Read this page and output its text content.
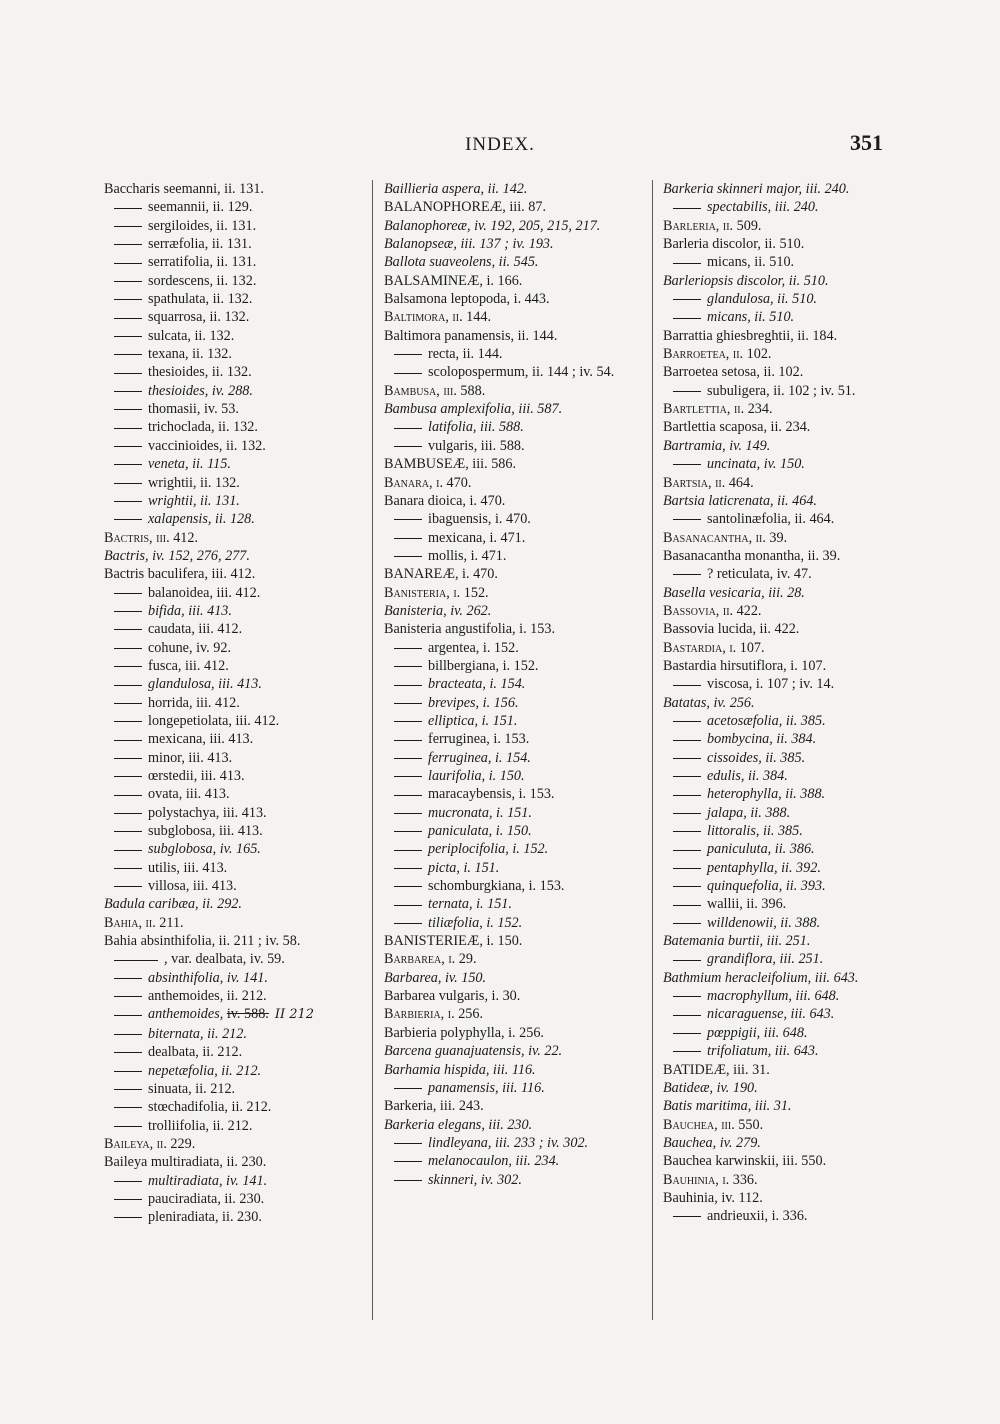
INDEX.	351
Baccharis seemanni, ii. 131.
seemannii, ii. 129.
sergiloides, ii. 131.
serræfolia, ii. 131.
serratifolia, ii. 131.
sordescens, ii. 132.
spathulata, ii. 132.
squarrosa, ii. 132.
sulcata, ii. 132.
texana, ii. 132.
thesioides, ii. 132.
thesioides, iv. 288.
thomasii, iv. 53.
trichoclada, ii. 132.
vaccinioides, ii. 132.
veneta, ii. 115.
wrightii, ii. 132.
wrightii, ii. 131.
xalapensis, ii. 128.
Bactris, iii. 412.
Bactris, iv. 152, 276, 277.
Bactris baculifera, iii. 412.
balanoidea, iii. 412.
bifida, iii. 413.
caudata, iii. 412.
cohune, iv. 92.
fusca, iii. 412.
glandulosa, iii. 413.
horrida, iii. 412.
longepetiolata, iii. 412.
mexicana, iii. 413.
minor, iii. 413.
œrstedii, iii. 413.
ovata, iii. 413.
polystachya, iii. 413.
subglobosa, iii. 413.
subglobosa, iv. 165.
utilis, iii. 413.
villosa, iii. 413.
Badula caribæa, ii. 292.
Bahia, ii. 211.
Bahia absinthifolia, ii. 211 ; iv. 58.
, var. dealbata, iv. 59.
absinthifolia, iv. 141.
anthemoides, ii. 212.
anthemoides, iv. 588. II 212
biternata, ii. 212.
dealbata, ii. 212.
nepetæfolia, ii. 212.
sinuata, ii. 212.
stœchadifolia, ii. 212.
trolliifolia, ii. 212.
Baileya, ii. 229.
Baileya multiradiata, ii. 230.
multiradiata, iv. 141.
pauciradiata, ii. 230.
pleniradiata, ii. 230.
Baillieria aspera, ii. 142.
BALANOPHOREÆ, iii. 87.
Balanophoreæ, iv. 192, 205, 215, 217.
Balanopseæ, iii. 137 ; iv. 193.
Ballota suaveolens, ii. 545.
BALSAMINEÆ, i. 166.
Balsamona leptopoda, i. 443.
Baltimora, ii. 144.
Baltimora panamensis, ii. 144.
recta, ii. 144.
scolopospermum, ii. 144 ; iv. 54.
Bambusa, iii. 588.
Bambusa amplexifolia, iii. 587.
latifolia, iii. 588.
vulgaris, iii. 588.
BAMBUSEÆ, iii. 586.
Banara, i. 470.
Banara dioica, i. 470.
ibaguensis, i. 470.
mexicana, i. 471.
mollis, i. 471.
BANAREÆ, i. 470.
Banisteria, i. 152.
Banisteria, iv. 262.
Banisteria angustifolia, i. 153.
argentea, i. 152.
billbergiana, i. 152.
bracteata, i. 154.
brevipes, i. 156.
elliptica, i. 151.
ferruginea, i. 153.
ferruginea, i. 154.
laurifolia, i. 150.
maracaybensis, i. 153.
mucronata, i. 151.
paniculata, i. 150.
periplocifolia, i. 152.
picta, i. 151.
schomburgkiana, i. 153.
ternata, i. 151.
tiliæfolia, i. 152.
BANISTERIEÆ, i. 150.
Barbarea, i. 29.
Barbarea, iv. 150.
Barbarea vulgaris, i. 30.
Barbieria, i. 256.
Barbieria polyphylla, i. 256.
Barcena guanajuatensis, iv. 22.
Barhamia hispida, iii. 116.
panamensis, iii. 116.
Barkeria, iii. 243.
Barkeria elegans, iii. 230.
lindleyana, iii. 233 ; iv. 302.
melanocaulon, iii. 234.
skinneri, iv. 302.
Barkeria skinneri major, iii. 240.
spectabilis, iii. 240.
Barleria, ii. 509.
Barleria discolor, ii. 510.
micans, ii. 510.
Barleriopsis discolor, ii. 510.
glandulosa, ii. 510.
micans, ii. 510.
Barrattia ghiesbreghtii, ii. 184.
Barroetea, ii. 102.
Barroetea setosa, ii. 102.
subuligera, ii. 102 ; iv. 51.
Bartlettia, ii. 234.
Bartlettia scaposa, ii. 234.
Bartramia, iv. 149.
uncinata, iv. 150.
Bartsia, ii. 464.
Bartsia laticrenata, ii. 464.
santolinæfolia, ii. 464.
Basanacantha, ii. 39.
Basanacantha monantha, ii. 39.
? reticulata, iv. 47.
Basella vesicaria, iii. 28.
Bassovia, ii. 422.
Bassovia lucida, ii. 422.
Bastardia, i. 107.
Bastardia hirsutiflora, i. 107.
viscosa, i. 107 ; iv. 14.
Batatas, iv. 256.
acetosæfolia, ii. 385.
bombycina, ii. 384.
cissoides, ii. 385.
edulis, ii. 384.
heterophylla, ii. 388.
jalapa, ii. 388.
littoralis, ii. 385.
paniculuta, ii. 386.
pentaphylla, ii. 392.
quinquefolia, ii. 393.
wallii, ii. 396.
willdenowii, ii. 388.
Batemania burtii, iii. 251.
grandiflora, iii. 251.
Bathmium heracleifolium, iii. 643.
macrophyllum, iii. 648.
nicaraguense, iii. 643.
pœppigii, iii. 648.
trifoliatum, iii. 643.
BATIDEÆ, iii. 31.
Batideæ, iv. 190.
Batis maritima, iii. 31.
Bauchea, iii. 550.
Bauchea, iv. 279.
Bauchea karwinskii, iii. 550.
Bauhinia, i. 336.
Bauhinia, iv. 112.
andrieuxii, i. 336.
